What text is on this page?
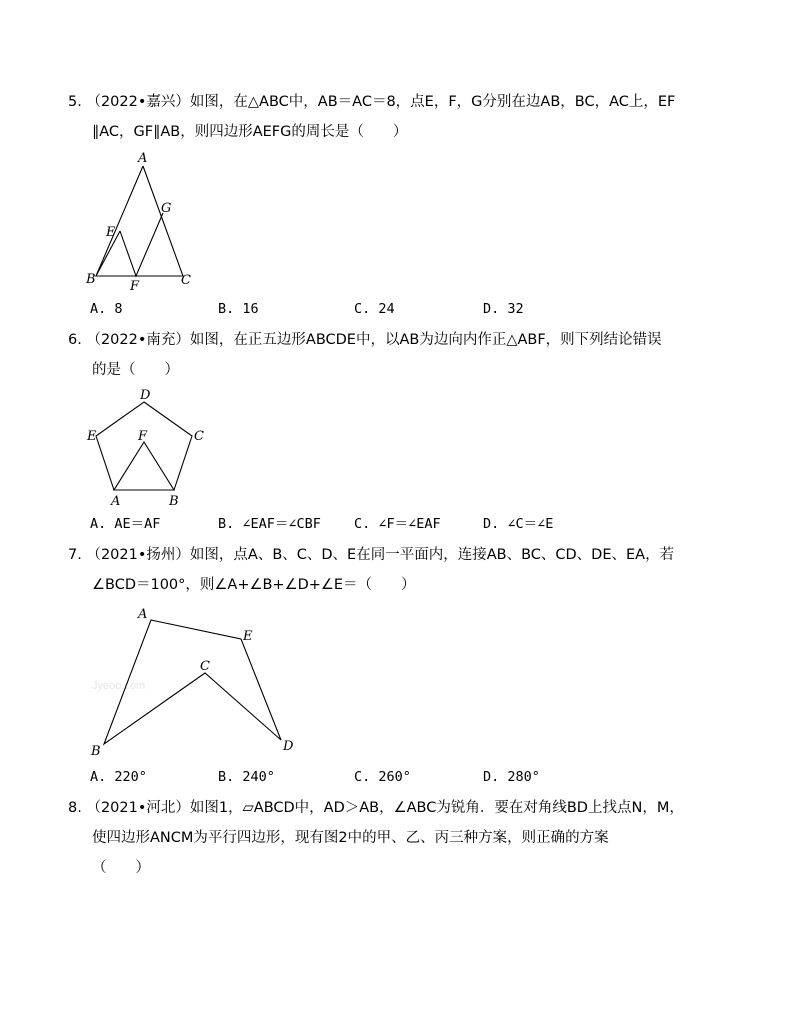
5. （2022•嘉兴）如图，在△ABC中，AB＝AC＝8，点E，F，G分别在边AB，BC，AC上，EF
∥AC，GF∥AB，则四边形AEFG的周长是（　　）
A
B	C
E
F
G
A. 8	B. 16	C. 24	D. 32
6. （2022•南充）如图，在正五边形ABCDE中，以AB为边向内作正△ABF，则下列结论错误
的是（　　）
D
E	C
F
A	B
A. AE＝AF	B. ∠EAF＝∠CBF C. ∠F＝∠EAF	D. ∠C＝∠E
7. （2021•扬州）如图，点A、B、C、D、E在同一平面内，连接AB、BC、CD、DE、EA，若
∠BCD＝100°，则∠A+∠B+∠D+∠E＝（　　）
Jyeoo.com
A
E
C
D
B
A. 220°	B. 240°	C. 260°	D. 280°
8. （2021•河北）如图1，▱ABCD中，AD＞AB，∠ABC为锐角．要在对角线BD上找点N，M，
使四边形ANCM为平行四边形，现有图2中的甲、乙、丙三种方案，则正确的方案
（　　）
